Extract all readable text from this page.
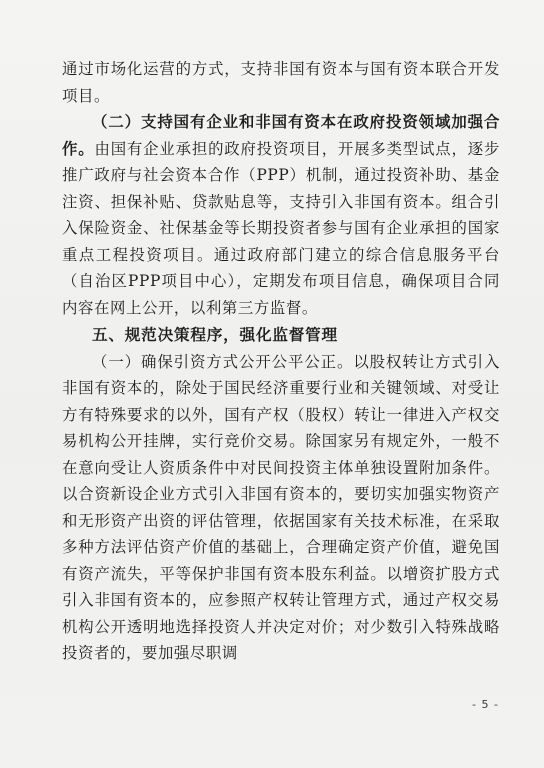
通过市场化运营的方式，支持非国有资本与国有资本联合开发项目。

（二）支持国有企业和非国有资本在政府投资领域加强合作。由国有企业承担的政府投资项目，开展多类型试点，逐步推广政府与社会资本合作（PPP）机制，通过投资补助、基金注资、担保补贴、贷款贴息等，支持引入非国有资本。组合引入保险资金、社保基金等长期投资者参与国有企业承担的国家重点工程投资项目。通过政府部门建立的综合信息服务平台（自治区PPP项目中心），定期发布项目信息，确保项目合同内容在网上公开，以利第三方监督。

五、规范决策程序，强化监督管理

（一）确保引资方式公开公平公正。以股权转让方式引入非国有资本的，除处于国民经济重要行业和关键领域、对受让方有特殊要求的以外，国有产权（股权）转让一律进入产权交易机构公开挂牌，实行竞价交易。除国家另有规定外，一般不在意向受让人资质条件中对民间投资主体单独设置附加条件。以合资新设企业方式引入非国有资本的，要切实加强实物资产和无形资产出资的评估管理，依据国家有关技术标准，在采取多种方法评估资产价值的基础上，合理确定资产价值，避免国有资产流失，平等保护非国有资本股东利益。以增资扩股方式引入非国有资本的，应参照产权转让管理方式，通过产权交易机构公开透明地选择投资人并决定对价；对少数引入特殊战略投资者的，要加强尽职调

- 5 -
